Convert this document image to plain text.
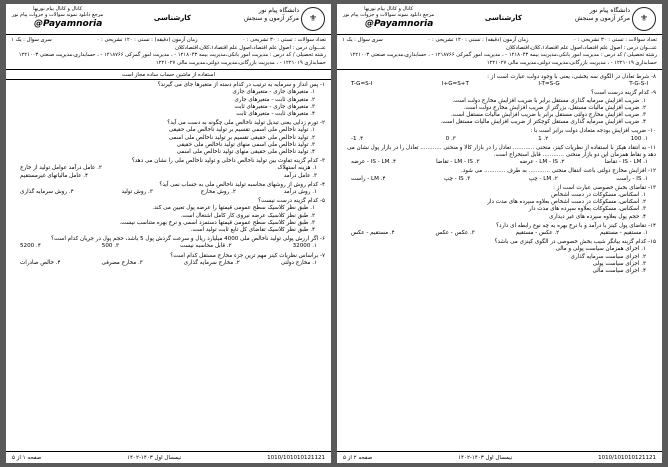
⚜
دانشگاه پیام نور
مرکز آزمون و سنجش
کارشناسی
کانال و کانال پیام نوریها
مرجع دانلود نمونه سوالات و جزوات پیام نور
@Payamnoria
تعداد سوالات : تستی : ۳۰ تشریحی : ۰
زمان آزمون (دقیقه) : تستی : ۱۲۰ تشریحی : ۰
سری سوال : یک ۱
عنـــوان درس : اصول علم اقتصاد،اصول علم اقتصاد۱،کلان،اقتصادکلان
رشته تحصیلی / کد درس : مدیریت امور بانکی،مدیریت بیمه ۱۲۱۸۰۴۳ - ، مدیریت امور گمرکی ۱۲۱۸۷۶۶ - ، حسابداری،مدیریت صنعتی ۱۲۲۱۰۰۳
حسابداری ۱۲۲۱۰۱۹ - ، مدیریت بازرگانی،مدیریت دولتی،مدیریت مالی ۱۲۲۱۰۲۷
استفاده از ماشین حساب ساده مجاز است
۱- پس انداز و سرمایه به ترتیب در کدام دسته از متغیرها جای می گیرند؟
۱. متغیرهای جاری - متغیرهای جاری
۲. متغیرهای ثابت - متغیرهای جاری
۳. متغیرهای جاری - متغیرهای ثابت
۴. متغیرهای ثابت - متغیرهای ثابت
۲- تورم زدایی یعنی تبدیل تولید ناخالص ملی چگونه به دست می آید؟
۱. تولید ناخالص ملی اسمی تقسیم بر تولید ناخالص ملی حقیقی
۲. تولید ناخالص ملی حقیقی تقسیم بر تولید ناخالص ملی اسمی
۳. تولید ناخالص ملی اسمی منهای تولید ناخالص ملی حقیقی
۴. تولید ناخالص ملی حقیقی منهای تولید ناخالص ملی اسمی
۳- کدام گزینه تفاوت بین تولید ناخالص داخلی و تولید ناخالص ملی را نشان می دهد؟
۱. هزینه استهلاک
۲. عامل درآمد عوامل تولید از خارج
۳. عامل درآمد
۴. عامل مالیاتهای غیرمستقیم
۴- کدام روش از روشهای محاسبه تولید ناخالص ملی به حساب نمی آید؟
۱. روش درآمد
۲. روش مخارج
۳. روش تولید
۴. روش سرمایه گذاری
۵- کدام گزینه درست نیست؟
۱. طبق نظر کلاسیک سطح عمومی قیمتها را عرضه پول تعیین می کند.
۲. طبق نظر کلاسیک عرضه نیروی کار کامل اشتغال است.
۳. طبق نظر کلاسیک سطح عمومی قیمتها دستمزد اسمی و نرخ بهره متناسب نیست.
۴. طبق نظر کلاسیک تقاضای کل تابع ثابت تولید است.
۶- اگر ارزش پولی تولید ناخالص ملی 4000 میلیارد ریال و سرعت گردش پول 5 باشد، حجم پول در جریان کدام است؟
۱. 32000
۲. قابل محاسبه نیست
۳. 500
۴. 5200
۷- براساس نظریات کینز مهم ترین جزء مخارج مستقل کدام است؟
۱. مخارج دولتی
۲. مخارج سرمایه گذاری
۳. مخارج مصرفی
۴. خالص صادرات
1010/101010121121
نیمسال اول ۱۴۰۳-۱۴۰۲
صفحه ۱ از ۵
⚜
دانشگاه پیام نور
مرکز آزمون و سنجش
کارشناسی
کانال و کانال پیام نوریها
مرجع دانلود نمونه سوالات و جزوات پیام نور
@Payamnoria
تعداد سوالات : تستی : ۳۰ تشریحی : ۰
زمان آزمون (دقیقه) : تستی : ۱۲۰ تشریحی : ۰
سری سوال : یک ۱
عنـــوان درس : اصول علم اقتصاد،اصول علم اقتصاد۱،کلان،اقتصادکلان
رشته تحصیلی / کد درس : مدیریت امور بانکی،مدیریت بیمه ۱۲۱۸۰۴۳ - ، مدیریت امور گمرکی ۱۲۱۸۷۶۶ - ، حسابداری،مدیریت صنعتی ۱۲۲۱۰۰۳
حسابداری ۱۲۲۱۰۱۹ - ، مدیریت بازرگانی،مدیریت دولتی،مدیریت مالی ۱۲۲۱۰۲۷
۸- شرط تعادل در الگوی سه بخشی، یعنی با وجود دولت عبارت است از :
T-G=S-I	I+G=S+T	I-T=S-G	T-G-S-I
۹- کدام گزینه درست است؟
۱. ضریب افزایش سرمایه گذاری مستقل برابر با ضریب افزایش مخارج دولت است.
۲. ضریب افزایش مالیات مستقل، بزرگتر از ضریب افزایش مخارج دولت است.
۳. ضریب افزایش مخارج دولتی مستقل برابر با ضریب افزایش مالیات مستقل است.
۴. ضریب افزایش سرمایه گذاری مستقل کوچکتر از ضریب افزایش مالیات مستقل است.
۱۰- ضریب افزایش بودجه متعادل دولت برابر است با :
۱. 100
۲. 1
۳. 0
۴. 1-
۱۱- به انتقاد هیکز با استفاده از نظریات کینز، منحنی ............ تعادل را در بازار کالا و منحنی ............ تعادل را در بازار پول نشان می دهد و نقاط همزمان این دو بازار منحنی ............ قابل استخراج است.
۱. IS - LM - تقاضا
۲. LM - IS - عرضه
۳. LM - IS - تقاضا
۴. IS - LM - عرضه
۱۲- افزایش مخارج دولتی باعث انتقال منحنی ............ به طرف ............ می شود.
۱. IS - راست
۲. LM - چپ
۳. IS - چپ
۴. LM - راست
۱۳- تقاضای بخش خصوصی عبارت است از :
۱. اسکناس، مسکوکات در دست اشخاص
۲. اسکناس، مسکوکات در دست اشخاص بعلاوه سپرده های مدت دار
۳. اسکناس، مسکوکات بعلاوه سپرده های مدت دار
۴. حجم پول بعلاوه سپرده های غیر دیداری
۱۴- تقاضای پول کینز با درآمد و با نرخ بهره به چه نوع رابطه ای دارد؟
۱. مستقیم - مستقیم
۲. عکس - مستقیم
۳. عکس - عکس
۴. مستقیم - عکس
۱۵- کدام گزینه بیانگر شیب بخش خصوصی در الگوی کینزی می باشد؟
۱. اجرای همزمان سیاست پولی و مالی
۲. اجرای سیاست سرمایه گذاری
۳. اجرای سیاست پولی
۴. اجرای سیاست مالی
1010/101010121121
نیمسال اول ۱۴۰۳-۱۴۰۲
صفحه ۲ از ۵
